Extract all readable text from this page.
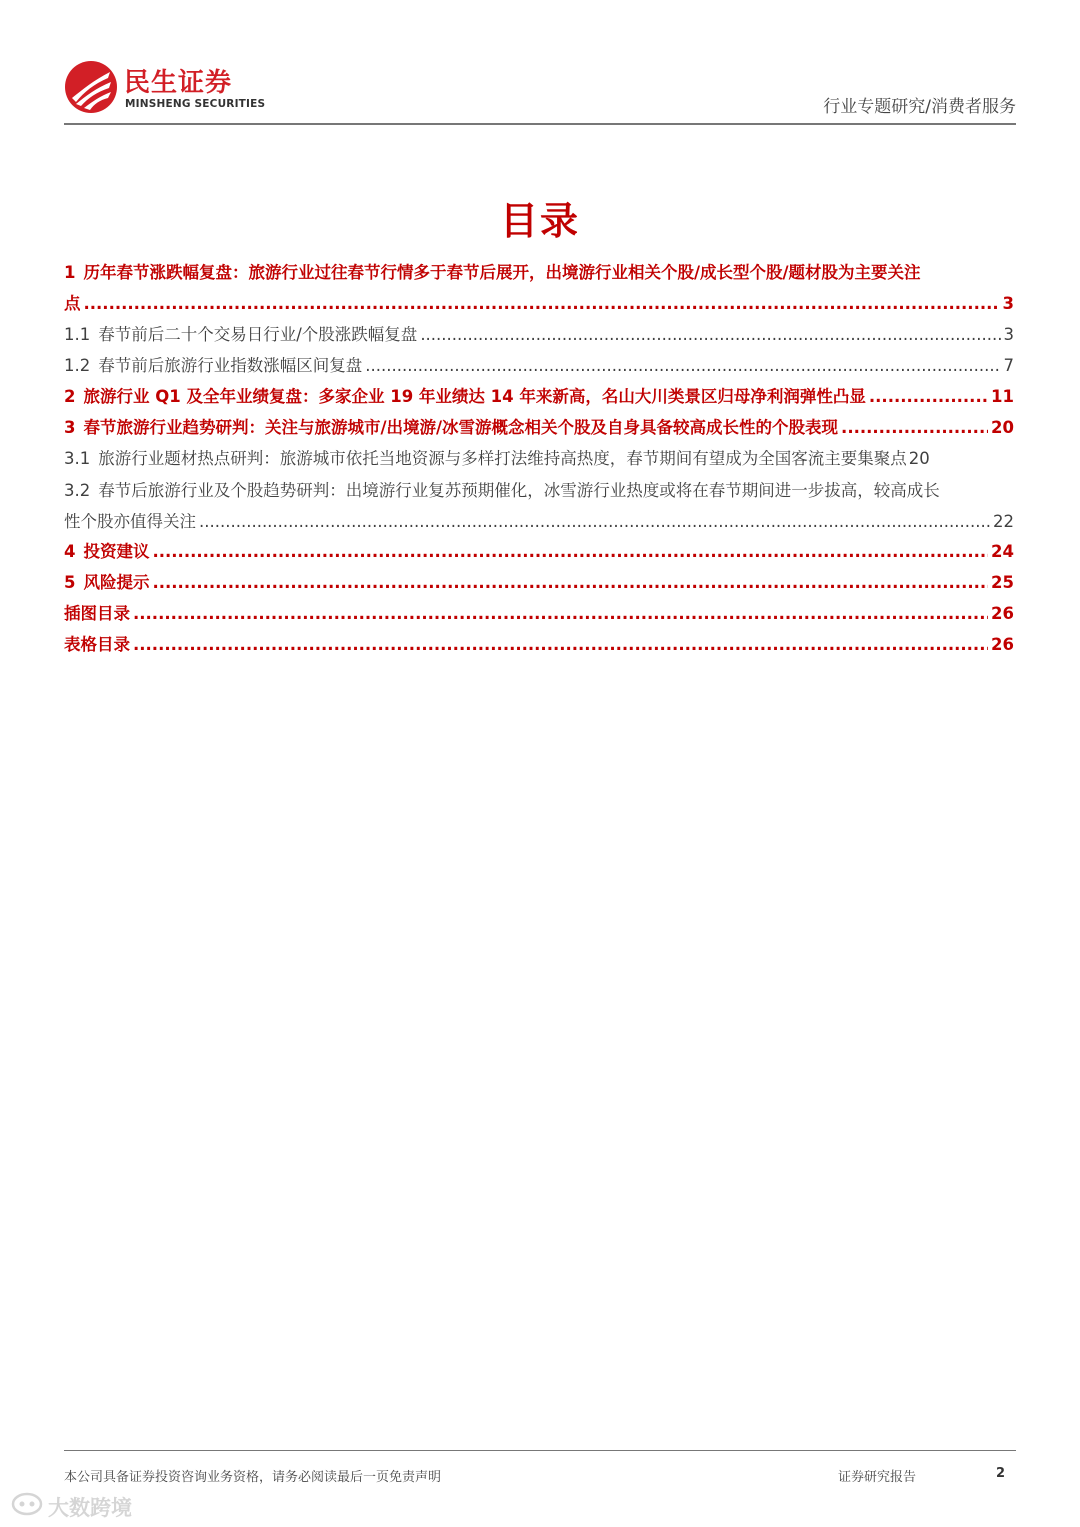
民生证券
MINSHENG SECURITIES	行业专题研究/消费者服务
目录
1 历年春节涨跌幅复盘：旅游行业过往春节行情多于春节后展开，出境游行业相关个股/成长型个股/题材股为主要关注
点 .....	3
1.1 春节前后二十个交易日行业/个股涨跌幅复盘 .....	3
1.2 春节前后旅游行业指数涨幅区间复盘 .....	7
2 旅游行业 Q1 及全年业绩复盘：多家企业 19 年业绩达 14 年来新高，名山大川类景区归母净利润弹性凸显 .....	11
3 春节旅游行业趋势研判：关注与旅游城市/出境游/冰雪游概念相关个股及自身具备较高成长性的个股表现 .....	20
3.1 旅游行业题材热点研判：旅游城市依托当地资源与多样打法维持高热度，春节期间有望成为全国客流主要集聚点 20
3.2 春节后旅游行业及个股趋势研判：出境游行业复苏预期催化，冰雪游行业热度或将在春节期间进一步拔高，较高成长
性个股亦值得关注 .....	22
4 投资建议 .....	24
5 风险提示 .....	25
插图目录 .....	26
表格目录 .....	26
本公司具备证券投资咨询业务资格，请务必阅读最后一页免责声明	证券研究报告	2
大数跨境
